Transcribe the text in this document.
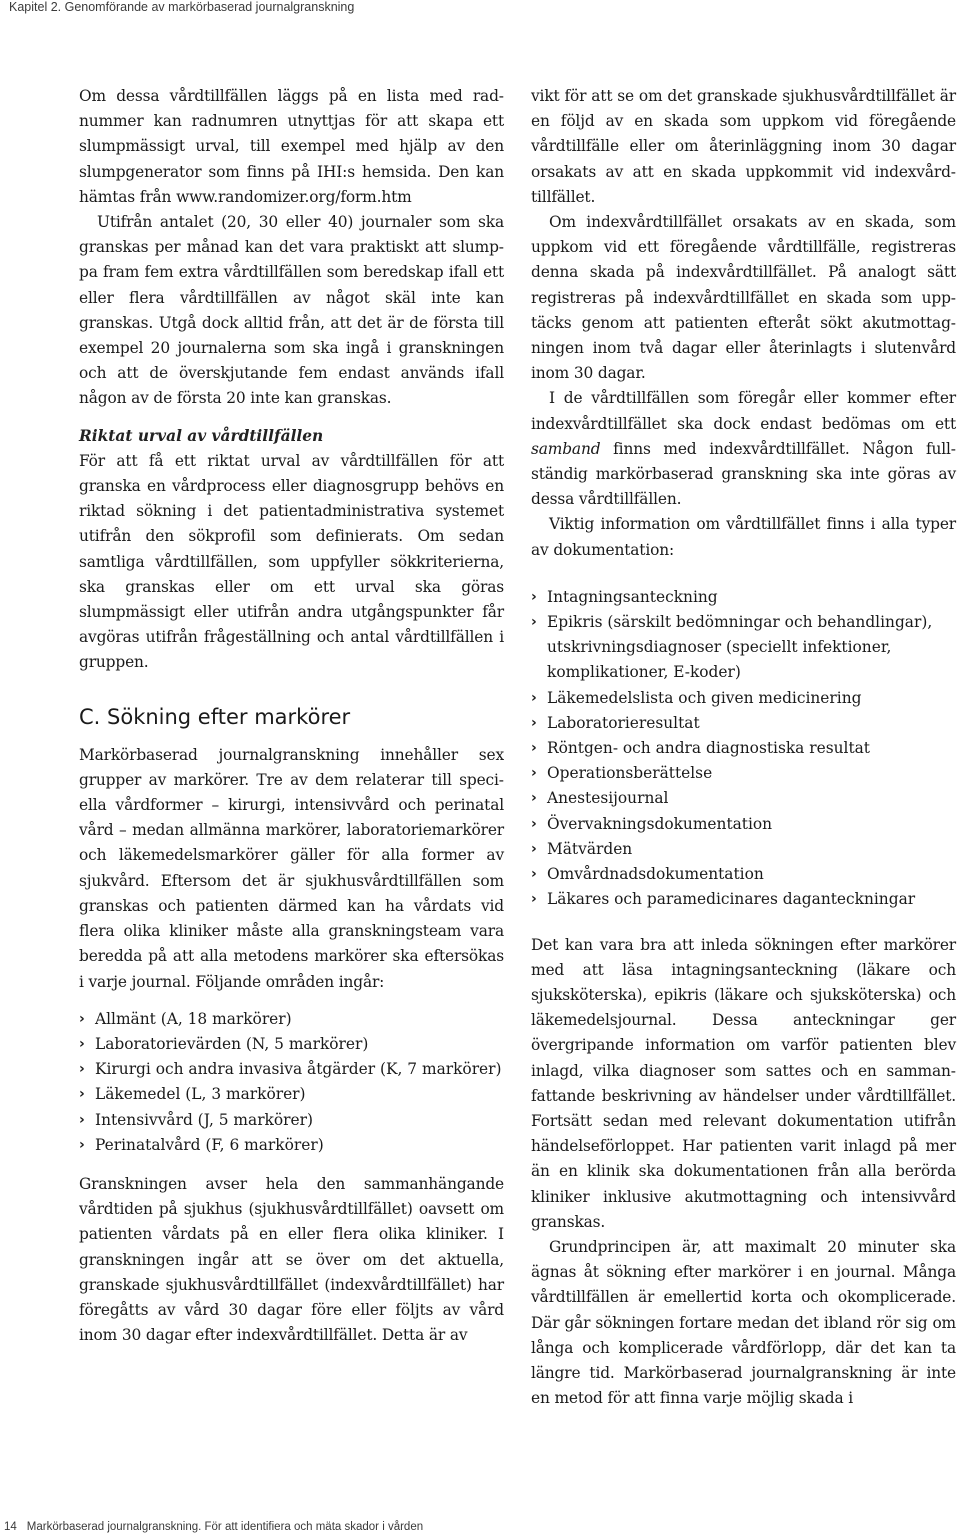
Kapitel 2. Genomförande av markörbaserad journalgranskning

Om dessa vårdtillfällen läggs på en lista med radnummer kan radnumren utnyttjas för att skapa ett slumpmässigt urval, till exempel med hjälp av den slumpgenerator som finns på IHI:s hemsida. Den kan hämtas från www.randomizer.org/form.htm

Utifrån antalet (20, 30 eller 40) journaler som ska granskas per månad kan det vara praktiskt att slumppa fram fem extra vårdtillfällen som beredskap ifall ett eller flera vårdtillfällen av något skäl inte kan granskas. Utgå dock alltid från, att det är de första till exempel 20 journalerna som ska ingå i granskningen och att de överskjutande fem endast används ifall någon av de första 20 inte kan granskas.

Riktat urval av vårdtillfällen

För att få ett riktat urval av vårdtillfällen för att granska en vårdprocess eller diagnosgrupp behövs en riktad sökning i det patientadministrativa systemet utifrån den sökprofil som definierats. Om sedan samtliga vårdtillfällen, som uppfyller sökkriterierna, ska granskas eller om ett urval ska göras slumpmässigt eller utifrån andra utgångspunkter får avgöras utifrån frågeställning och antal vårdtillfällen i gruppen.

C. Sökning efter markörer

Markörbaserad journalgranskning innehåller sex grupper av markörer. Tre av dem relaterar till speciella vårdformer – kirurgi, intensivvård och perinatal vård – medan allmänna markörer, laboratoriemarkörer och läkemedelsmarkörer gäller för alla former av sjukvård. Eftersom det är sjukhusvårdtillfällen som granskas och patienten därmed kan ha vårdats vid flera olika kliniker måste alla granskningsteam vara beredda på att alla metodens markörer ska eftersökas i varje journal. Följande områden ingår:

› Allmänt (A, 18 markörer)
› Laboratorievärden (N, 5 markörer)
› Kirurgi och andra invasiva åtgärder (K, 7 markörer)
› Läkemedel (L, 3 markörer)
› Intensivvård (J, 5 markörer)
› Perinatalvård (F, 6 markörer)

Granskningen avser hela den sammanhängande vårdtiden på sjukhus (sjukhusvårdtillfället) oavsett om patienten vårdats på en eller flera olika kliniker. I granskningen ingår att se över om det aktuella, granskade sjukhusvårdtillfället (indexvårdtillfället) har föregåtts av vård 30 dagar före eller följts av vård inom 30 dagar efter indexvårdtillfället. Detta är av

vikt för att se om det granskade sjukhusvårdtillfället är en följd av en skada som uppkom vid föregående vårdtillfälle eller om återinläggning inom 30 dagar orsakats av att en skada uppkommit vid indexvårdtillfället.

Om indexvårdtillfället orsakats av en skada, som uppkom vid ett föregående vårdtillfälle, registreras denna skada på indexvårdtillfället. På analogt sätt registreras på indexvårdtillfället en skada som upptäcks genom att patienten efteråt sökt akutmottagningen inom två dagar eller återinlagts i slutenvård inom 30 dagar.

I de vårdtillfällen som föregår eller kommer efter indexvårdtillfället ska dock endast bedömas om ett samband finns med indexvårdtillfället. Någon fullständig markörbaserad granskning ska inte göras av dessa vårdtillfällen.

Viktig information om vårdtillfället finns i alla typer av dokumentation:

› Intagningsanteckning
› Epikris (särskilt bedömningar och behandlingar), utskrivningsdiagnoser (speciellt infektioner, komplikationer, E-koder)
› Läkemedelslista och given medicinering
› Laboratorieresultat
› Röntgen- och andra diagnostiska resultat
› Operationsberättelse
› Anestesijournal
› Övervakningsdokumentation
› Mätvärden
› Omvårdnadsdokumentation
› Läkares och paramedicinares daganteckningar

Det kan vara bra att inleda sökningen efter markörer med att läsa intagningsanteckning (läkare och sjuksköterska), epikris (läkare och sjuksköterska) och läkemedelsjournal. Dessa anteckningar ger övergripande information om varför patienten blev inlagd, vilka diagnoser som sattes och en sammanfattande beskrivning av händelser under vårdtillfället. Fortsätt sedan med relevant dokumentation utifrån händelseförloppet. Har patienten varit inlagd på mer än en klinik ska dokumentationen från alla berörda kliniker inklusive akutmottagning och intensivvård granskas.

Grundprincipen är, att maximalt 20 minuter ska ägnas åt sökning efter markörer i en journal. Många vårdtillfällen är emellertid korta och okomplicerade. Där går sökningen fortare medan det ibland rör sig om långa och komplicerade vårdförlopp, där det kan ta längre tid. Markörbaserad journalgranskning är inte en metod för att finna varje möjlig skada i

14 Markörbaserad journalgranskning. För att identifiera och mäta skador i vården
